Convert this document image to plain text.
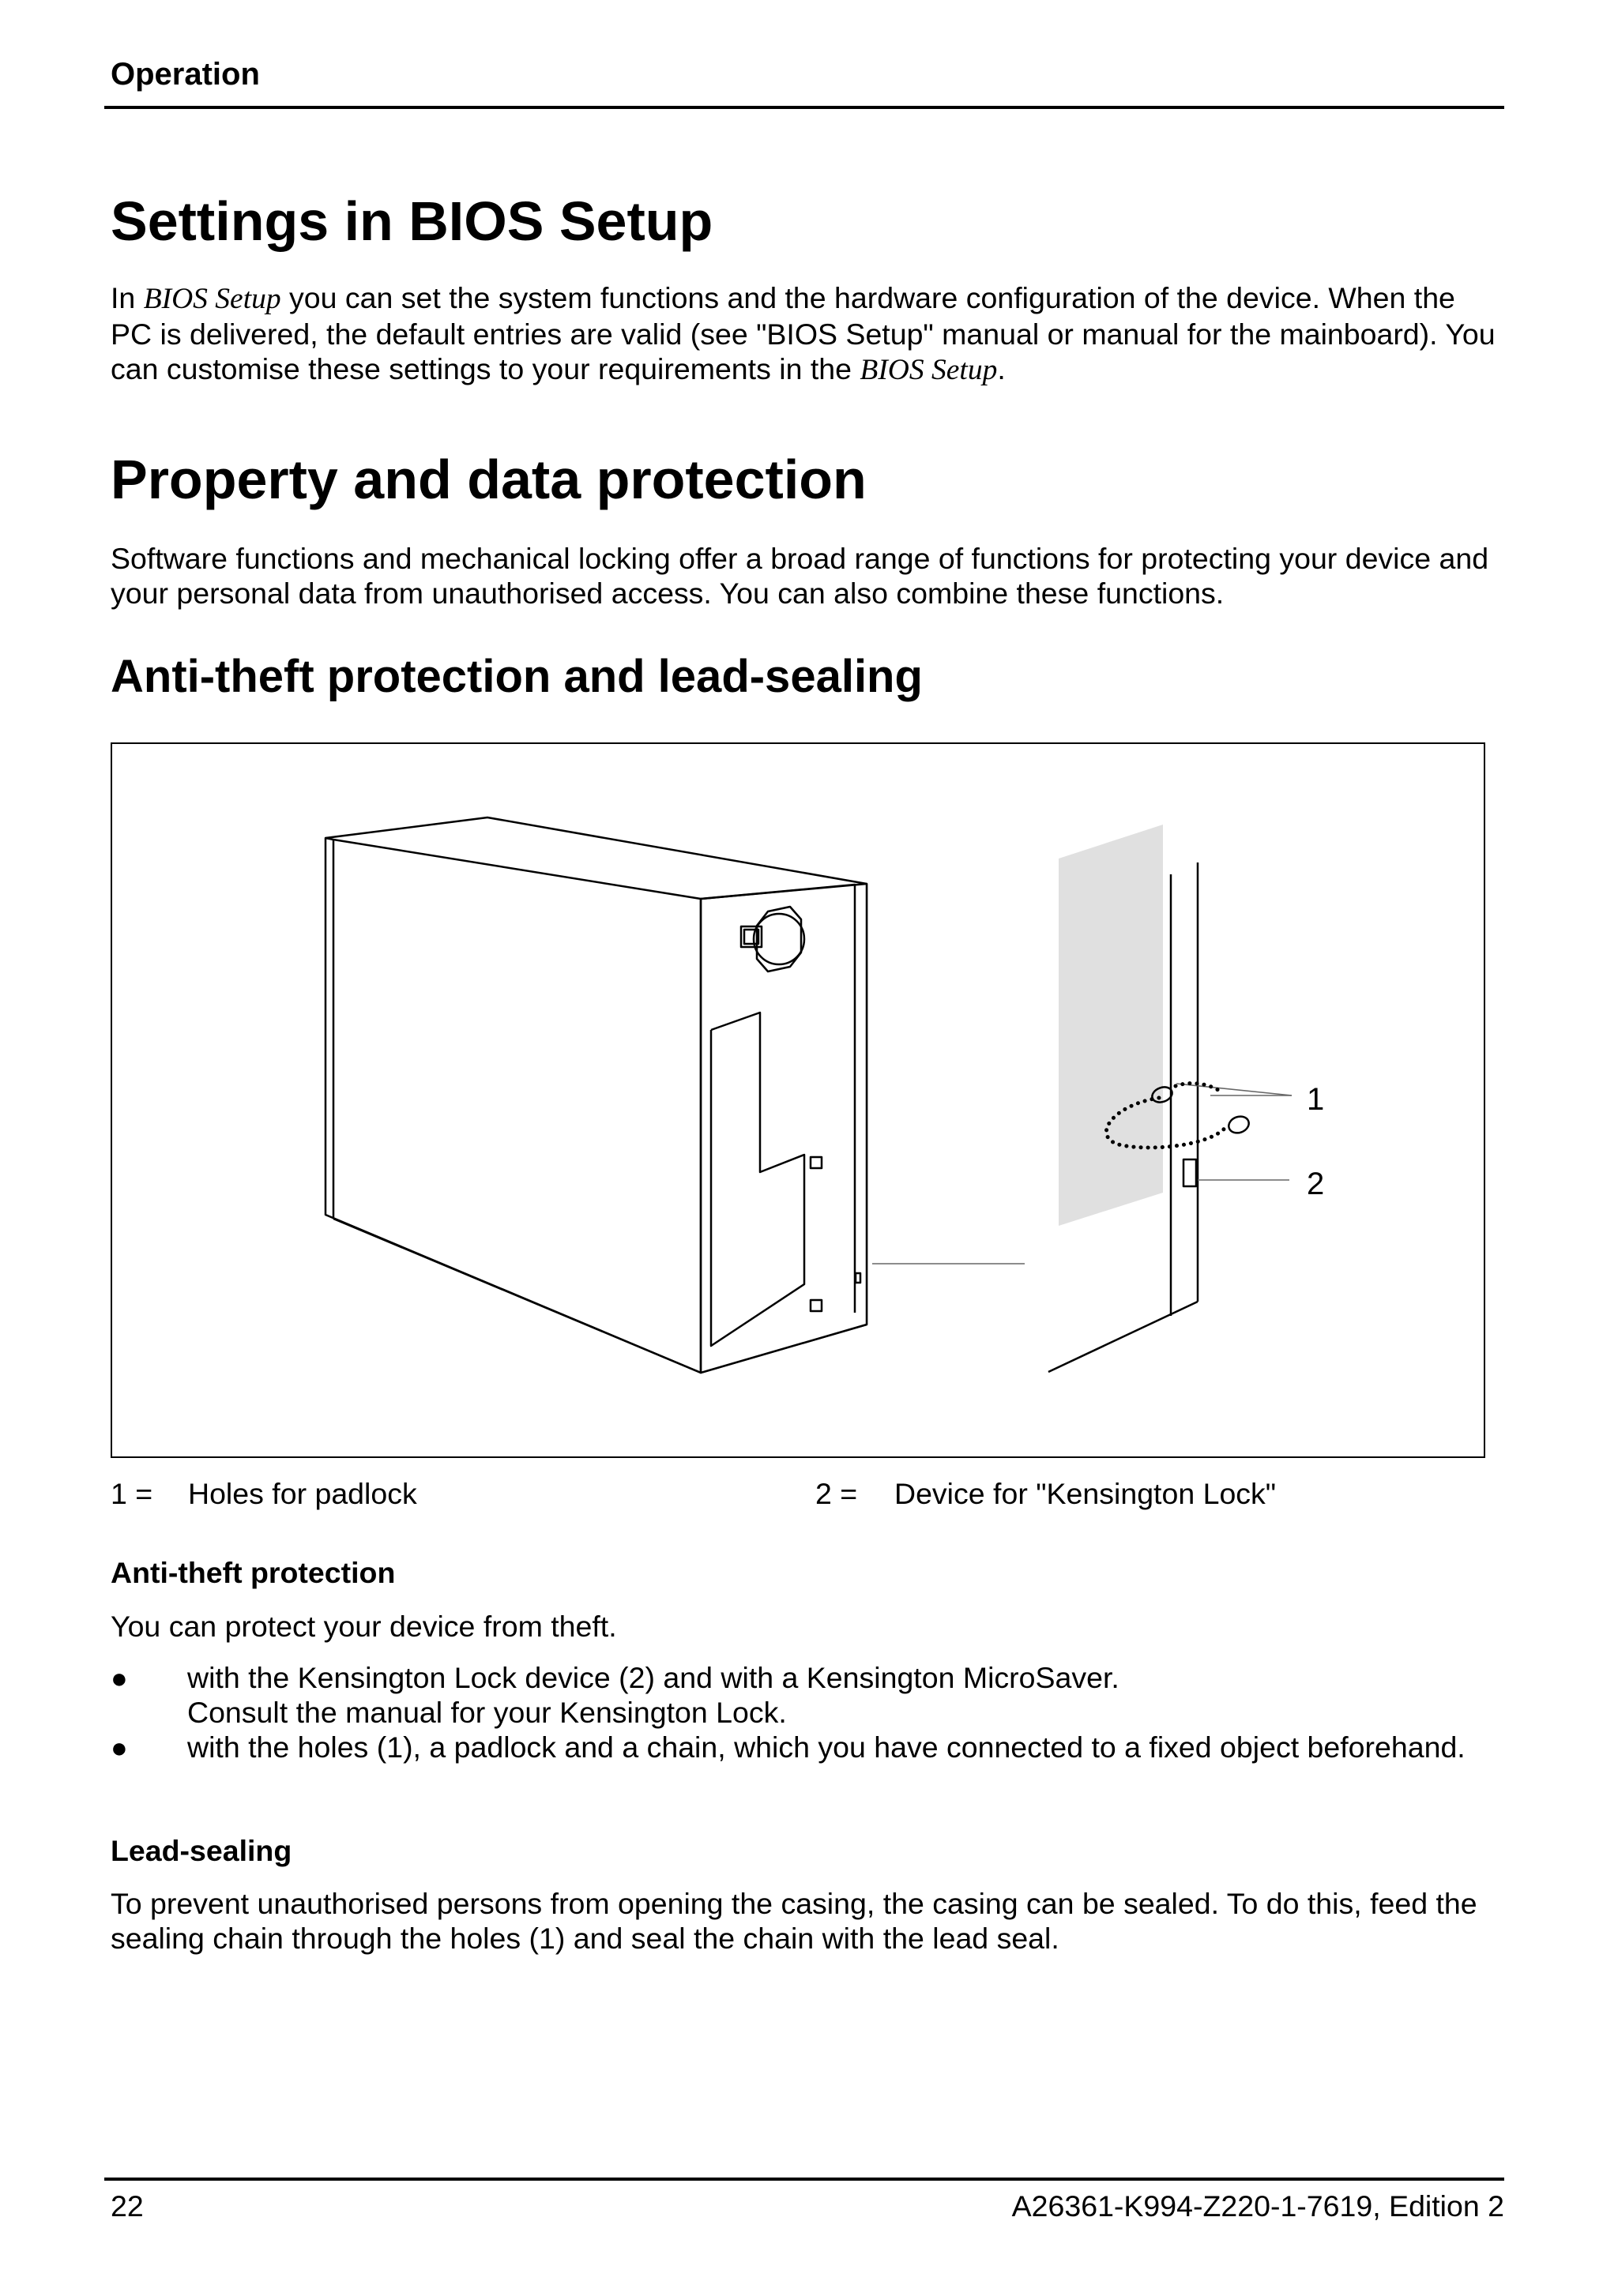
Operation
Settings in BIOS Setup
In BIOS Setup you can set the system functions and the hardware configuration of the device. When the PC is delivered, the default entries are valid (see "BIOS Setup" manual or manual for the mainboard). You can customise these settings to your requirements in the BIOS Setup.
Property and data protection
Software functions and mechanical locking offer a broad range of functions for protecting your device and your personal data from unauthorised access. You can also combine these functions.
Anti-theft protection and lead-sealing
1
2
1 = Holes for padlock	2 = Device for "Kensington Lock"
Anti-theft protection
You can protect your device from theft.
● with the Kensington Lock device (2) and with a Kensington MicroSaver.
Consult the manual for your Kensington Lock.
● with the holes (1), a padlock and a chain, which you have connected to a fixed object beforehand.
Lead-sealing
To prevent unauthorised persons from opening the casing, the casing can be sealed. To do this, feed the sealing chain through the holes (1) and seal the chain with the lead seal.
22	A26361-K994-Z220-1-7619, Edition 2
